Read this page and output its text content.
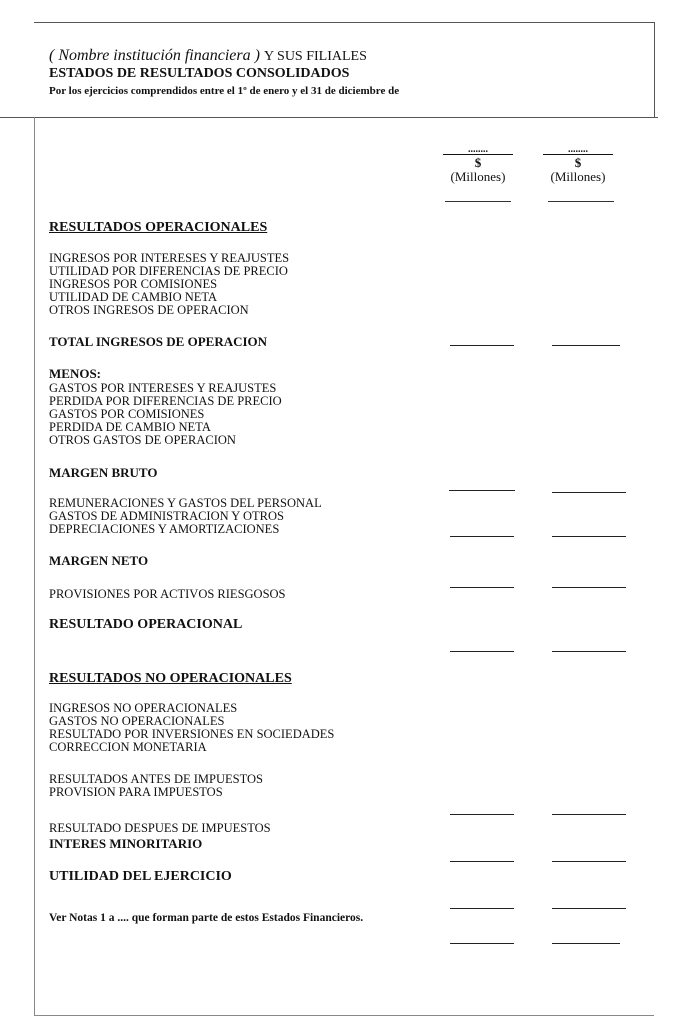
( Nombre institución financiera ) Y SUS FILIALES
ESTADOS DE RESULTADOS CONSOLIDADOS
Por los ejercicios comprendidos entre el 1º de enero y el 31 de diciembre de
........
$
(Millones)
........
$
(Millones)
RESULTADOS OPERACIONALES
INGRESOS POR INTERESES Y REAJUSTES
UTILIDAD POR DIFERENCIAS DE PRECIO
INGRESOS POR COMISIONES
UTILIDAD DE CAMBIO NETA
OTROS INGRESOS DE OPERACION
TOTAL INGRESOS DE OPERACION
MENOS:
GASTOS POR INTERESES Y REAJUSTES
PERDIDA POR DIFERENCIAS DE PRECIO
GASTOS POR COMISIONES
PERDIDA DE CAMBIO NETA
OTROS GASTOS DE OPERACION
MARGEN BRUTO
REMUNERACIONES Y GASTOS DEL PERSONAL
GASTOS DE ADMINISTRACION Y OTROS
DEPRECIACIONES Y AMORTIZACIONES
MARGEN NETO
PROVISIONES POR ACTIVOS RIESGOSOS
RESULTADO OPERACIONAL
RESULTADOS NO OPERACIONALES
INGRESOS NO OPERACIONALES
GASTOS NO OPERACIONALES
RESULTADO POR INVERSIONES EN SOCIEDADES
CORRECCION MONETARIA
RESULTADOS ANTES DE IMPUESTOS
PROVISION PARA IMPUESTOS
RESULTADO DESPUES DE IMPUESTOS
INTERES MINORITARIO
UTILIDAD DEL EJERCICIO
Ver Notas 1 a .... que forman parte de estos Estados Financieros.
